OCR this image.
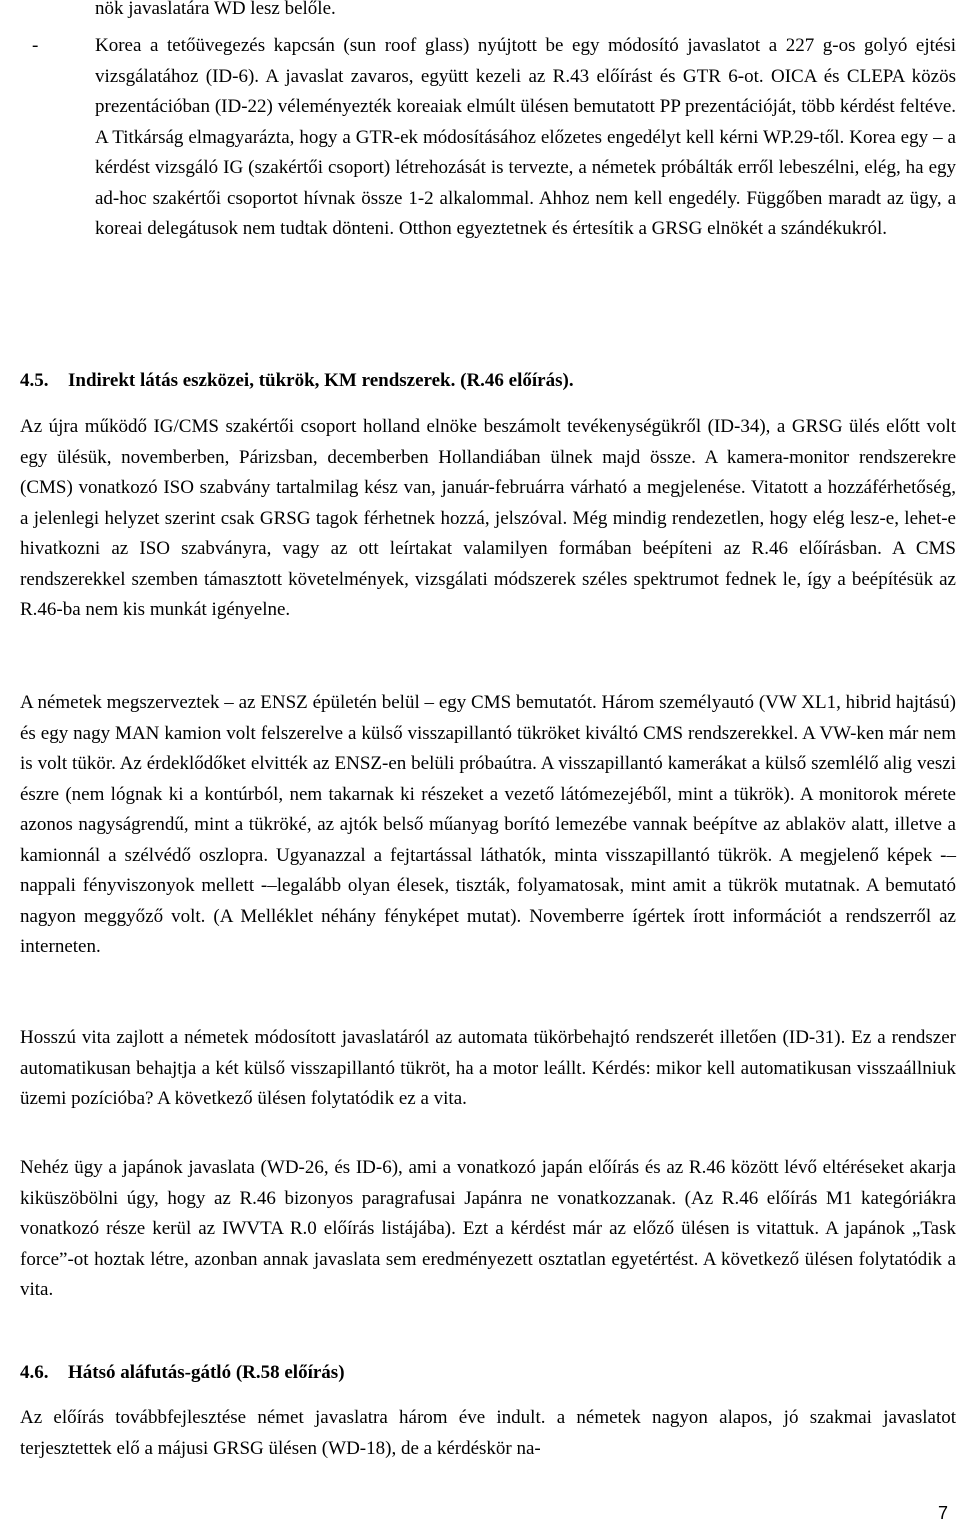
nök javaslatára WD lesz belőle.

-	Korea a tetőüvegezés kapcsán (sun roof glass) nyújtott be egy módosító javaslatot a 227 g-os golyó ejtési vizsgálatához (ID-6). A javaslat zavaros, együtt kezeli az R.43 előírást és GTR 6-ot. OICA és CLEPA közös prezentációban (ID-22) véleményezték koreaiak elmúlt ülésen bemutatott PP prezentációját, több kérdést feltéve. A Titkárság elmagyarázta, hogy a GTR-ek módosításához előzetes engedélyt kell kérni WP.29-től. Korea egy – a kérdést vizsgáló IG (szakértői csoport) létrehozását is tervezte, a németek próbálták erről lebeszélni, elég, ha egy ad-hoc szakértői csoportot hívnak össze 1-2 alkalommal. Ahhoz nem kell engedély. Függőben maradt az ügy, a koreai delegátusok nem tudtak dönteni. Otthon egyeztetnek és értesítik a GRSG elnökét a szándékukról.

4.5. Indirekt látás eszközei, tükrök, KM rendszerek. (R.46 előírás).

Az újra működő IG/CMS szakértői csoport holland elnöke beszámolt tevékenységükről (ID-34), a GRSG ülés előtt volt egy ülésük, novemberben, Párizsban, decemberben Hollandiában ülnek majd össze. A kamera-monitor rendszerekre (CMS) vonatkozó ISO szabvány tartalmilag kész van, január-februárra várható a megjelenése. Vitatott a hozzáférhetőség, a jelenlegi helyzet szerint csak GRSG tagok férhetnek hozzá, jelszóval. Még mindig rendezetlen, hogy elég lesz-e, lehet-e hivatkozni az ISO szabványra, vagy az ott leírtakat valamilyen formában beépíteni az R.46 előírásban. A CMS rendszerekkel szemben támasztott követelmények, vizsgálati módszerek széles spektrumot fednek le, így a beépítésük az R.46-ba nem kis munkát igényelne.

A németek megszerveztek – az ENSZ épületén belül – egy CMS bemutatót. Három személyautó (VW XL1, hibrid hajtású) és egy nagy MAN kamion volt felszerelve a külső visszapillantó tükröket kiváltó CMS rendszerekkel. A VW-ken már nem is volt tükör. Az érdeklődőket elvitték az ENSZ-en belüli próbaútra. A visszapillantó kamerákat a külső szemlélő alig veszi észre (nem lógnak ki a kontúrból, nem takarnak ki részeket a vezető látómezejéből, mint a tükrök). A monitorok mérete azonos nagyságrendű, mint a tükröké, az ajtók belső műanyag borító lemezébe vannak beépítve az ablaköv alatt, illetve a kamionnál a szélvédő oszlopra. Ugyanazzal a fejtartással láthatók, minta visszapillantó tükrök. A megjelenő képek -–nappali fényviszonyok mellett -–legalább olyan élesek, tiszták, folyamatosak, mint amit a tükrök mutatnak. A bemutató nagyon meggyőző volt. (A Melléklet néhány fényképet mutat). Novemberre ígértek írott információt a rendszerről az interneten.

Hosszú vita zajlott a németek módosított javaslatáról az automata tükörbehajtó rendszerét illetően (ID-31). Ez a rendszer automatikusan behajtja a két külső visszapillantó tükröt, ha a motor leállt. Kérdés: mikor kell automatikusan visszaállniuk üzemi pozícióba? A következő ülésen folytatódik ez a vita.

Nehéz ügy a japánok javaslata (WD-26, és ID-6), ami a vonatkozó japán előírás és az R.46 között lévő eltéréseket akarja kiküszöbölni úgy, hogy az R.46 bizonyos paragrafusai Japánra ne vonatkozzanak. (Az R.46 előírás M1 kategóriákra vonatkozó része kerül az IWVTA R.0 előírás listájába). Ezt a kérdést már az előző ülésen is vitattuk. A japánok „Task force”-ot hoztak létre, azonban annak javaslata sem eredményezett osztatlan egyetértést. A következő ülésen folytatódik a vita.

4.6. Hátsó aláfutás-gátló (R.58 előírás)

Az előírás továbbfejlesztése német javaslatra három éve indult. a németek nagyon alapos, jó szakmai javaslatot terjesztettek elő a májusi GRSG ülésen (WD-18), de a kérdéskör na-

7
